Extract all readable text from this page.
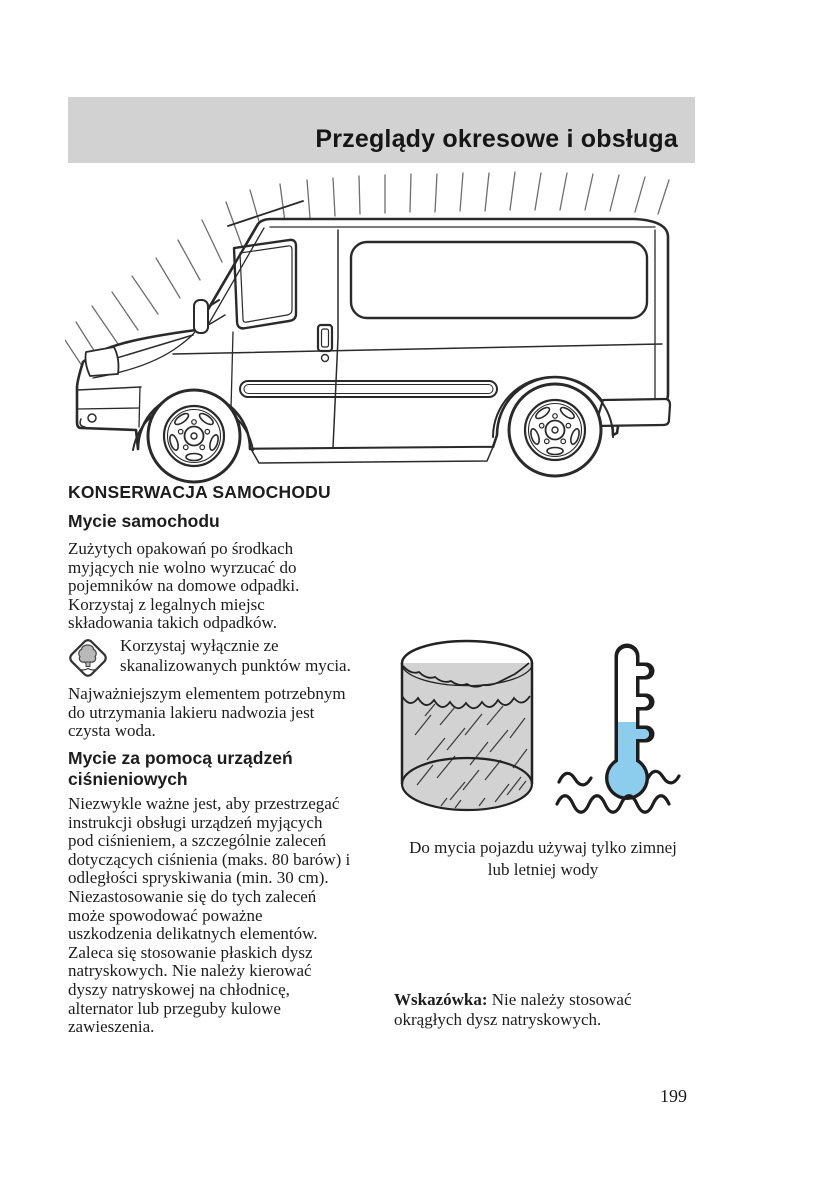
Przeglądy okresowe i obsługa
KONSERWACJA SAMOCHODU
Mycie samochodu
Zużytych opakowań po środkach
myjących nie wolno wyrzucać do
pojemników na domowe odpadki.
Korzystaj z legalnych miejsc
składowania takich odpadków.
Korzystaj wyłącznie ze
skanalizowanych punktów mycia.
Najważniejszym elementem potrzebnym
do utrzymania lakieru nadwozia jest
czysta woda.
Mycie za pomocą urządzeń
ciśnieniowych
Niezwykle ważne jest, aby przestrzegać
instrukcji obsługi urządzeń myjących
pod ciśnieniem, a szczególnie zaleceń
dotyczących ciśnienia (maks. 80 barów) i
odległości spryskiwania (min. 30 cm).
Niezastosowanie się do tych zaleceń
może spowodować poważne
uszkodzenia delikatnych elementów.
Zaleca się stosowanie płaskich dysz
natryskowych. Nie należy kierować
dyszy natryskowej na chłodnicę,
alternator lub przeguby kulowe
zawieszenia.
Do mycia pojazdu używaj tylko zimnej
lub letniej wody
Wskazówka: Nie należy stosować
okrągłych dysz natryskowych.
199
